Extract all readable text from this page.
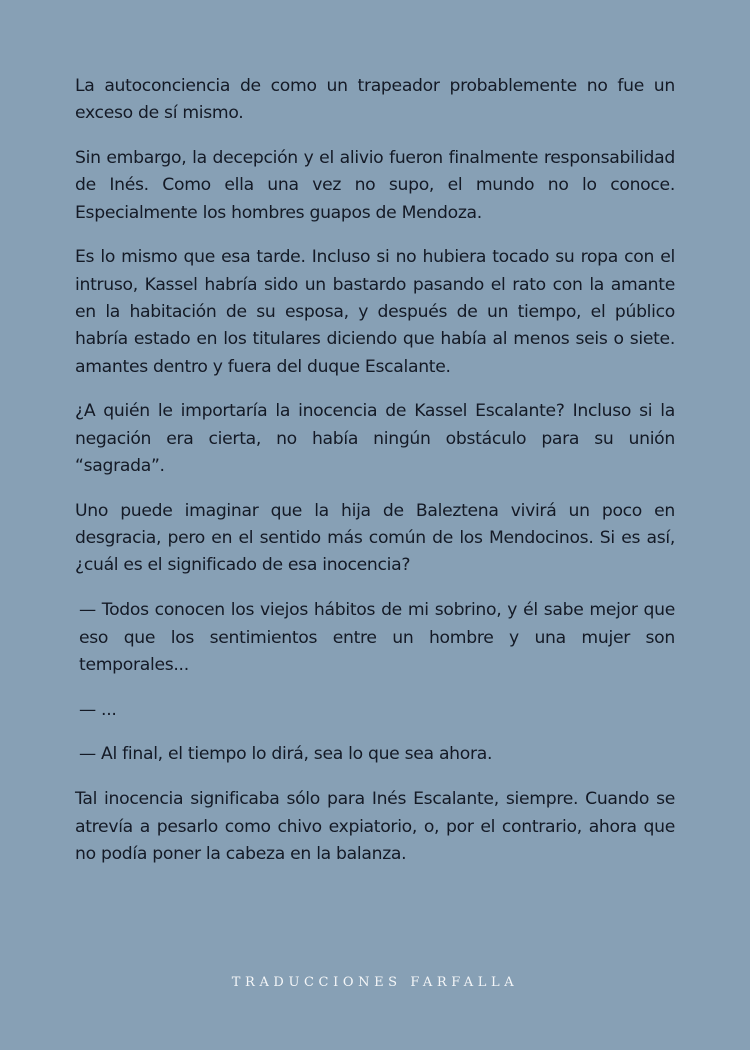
La autoconciencia de como un trapeador probablemente no fue un exceso de sí mismo.

Sin embargo, la decepción y el alivio fueron finalmente responsabilidad de Inés. Como ella una vez no supo, el mundo no lo conoce. Especialmente los hombres guapos de Mendoza.

Es lo mismo que esa tarde. Incluso si no hubiera tocado su ropa con el intruso, Kassel habría sido un bastardo pasando el rato con la amante en la habitación de su esposa, y después de un tiempo, el público habría estado en los titulares diciendo que había al menos seis o siete. amantes dentro y fuera del duque Escalante.

¿A quién le importaría la inocencia de Kassel Escalante? Incluso si la negación era cierta, no había ningún obstáculo para su unión “sagrada”.

Uno puede imaginar que la hija de Baleztena vivirá un poco en desgracia, pero en el sentido más común de los Mendocinos. Si es así, ¿cuál es el significado de esa inocencia?

— Todos conocen los viejos hábitos de mi sobrino, y él sabe mejor que eso que los sentimientos entre un hombre y una mujer son temporales...

— ...

— Al final, el tiempo lo dirá, sea lo que sea ahora.

Tal inocencia significaba sólo para Inés Escalante, siempre. Cuando se atrevía a pesarlo como chivo expiatorio, o, por el contrario, ahora que no podía poner la cabeza en la balanza.

TRADUCCIONES FARFALLA
